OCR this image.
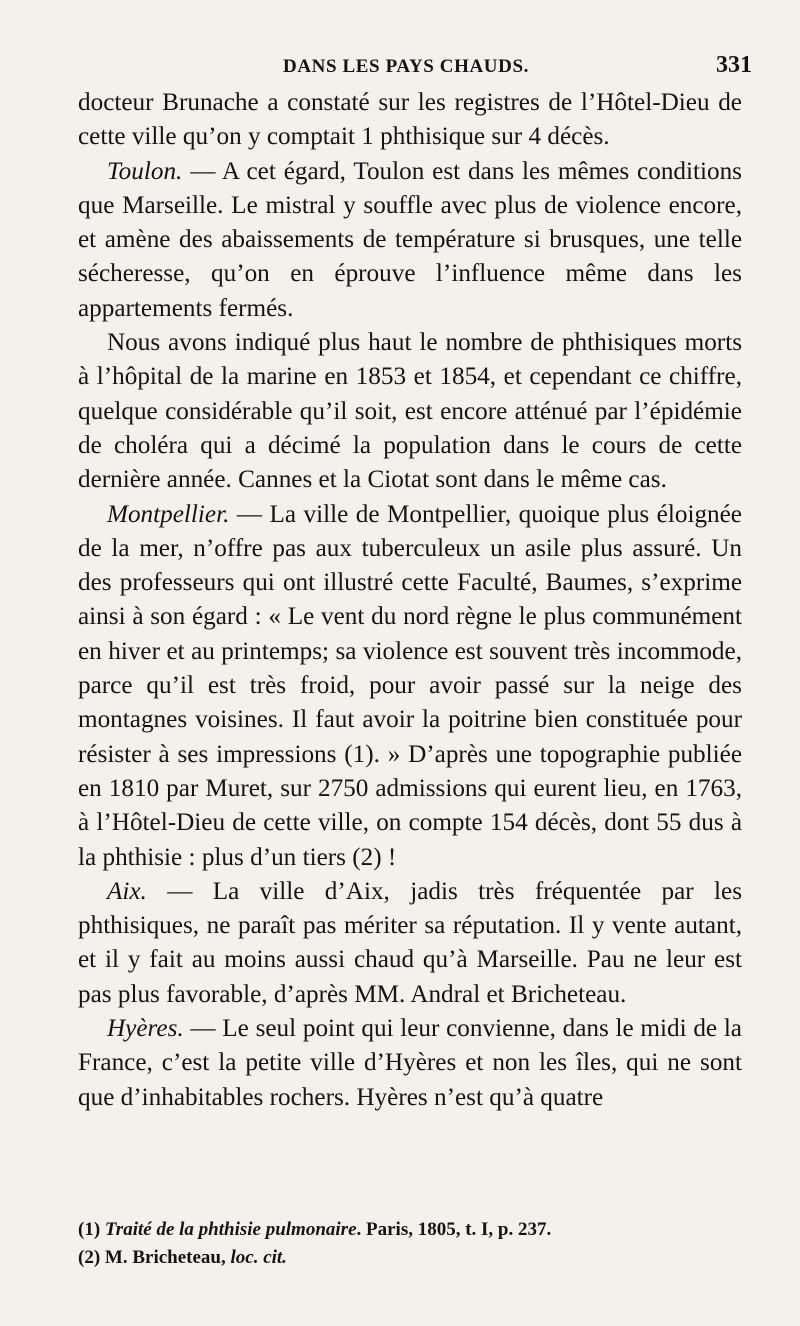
DANS LES PAYS CHAUDS.	331

docteur Brunache a constaté sur les registres de l’Hôtel-Dieu de cette ville qu’on y comptait 1 phthisique sur 4 décès.

Toulon. — A cet égard, Toulon est dans les mêmes conditions que Marseille. Le mistral y souffle avec plus de violence encore, et amène des abaissements de température si brusques, une telle sécheresse, qu’on en éprouve l’influence même dans les appartements fermés.

Nous avons indiqué plus haut le nombre de phthisiques morts à l’hôpital de la marine en 1853 et 1854, et cependant ce chiffre, quelque considérable qu’il soit, est encore atténué par l’épidémie de choléra qui a décimé la population dans le cours de cette dernière année. Cannes et la Ciotat sont dans le même cas.

Montpellier. — La ville de Montpellier, quoique plus éloignée de la mer, n’offre pas aux tuberculeux un asile plus assuré. Un des professeurs qui ont illustré cette Faculté, Baumes, s’exprime ainsi à son égard : « Le vent du nord règne le plus communément en hiver et au printemps; sa violence est souvent très incommode, parce qu’il est très froid, pour avoir passé sur la neige des montagnes voisines. Il faut avoir la poitrine bien constituée pour résister à ses impressions (1). » D’après une topographie publiée en 1810 par Muret, sur 2750 admissions qui eurent lieu, en 1763, à l’Hôtel-Dieu de cette ville, on compte 154 décès, dont 55 dus à la phthisie : plus d’un tiers (2) !

Aix. — La ville d’Aix, jadis très fréquentée par les phthisiques, ne paraît pas mériter sa réputation. Il y vente autant, et il y fait au moins aussi chaud qu’à Marseille. Pau ne leur est pas plus favorable, d’après MM. Andral et Bricheteau.

Hyères. — Le seul point qui leur convienne, dans le midi de la France, c’est la petite ville d’Hyères et non les îles, qui ne sont que d’inhabitables rochers. Hyères n’est qu’à quatre

(1) Traité de la phthisie pulmonaire. Paris, 1805, t. I, p. 237.
(2) M. Bricheteau, loc. cit.
